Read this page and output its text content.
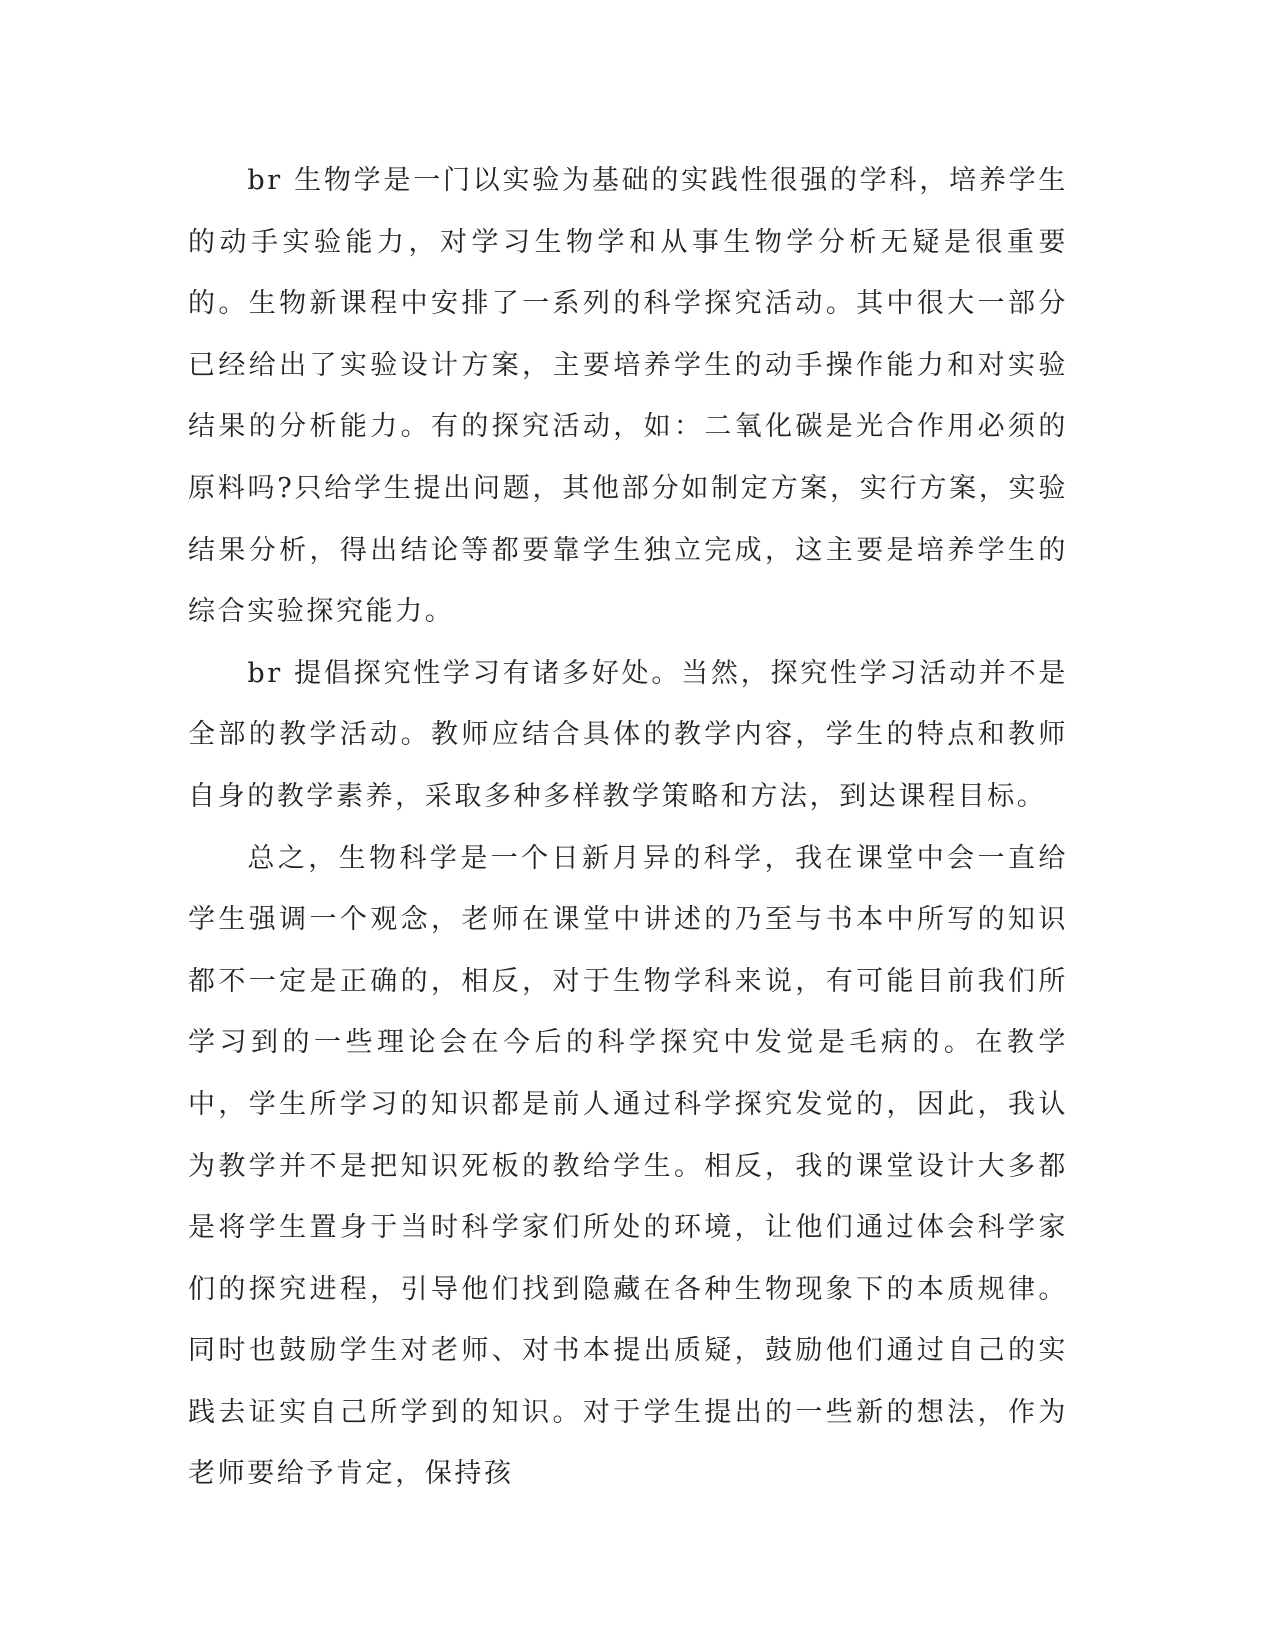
br 生物学是一门以实验为基础的实践性很强的学科，培养学生的动手实验能力，对学习生物学和从事生物学分析无疑是很重要的。生物新课程中安排了一系列的科学探究活动。其中很大一部分已经给出了实验设计方案，主要培养学生的动手操作能力和对实验结果的分析能力。有的探究活动，如：二氧化碳是光合作用必须的原料吗?只给学生提出问题，其他部分如制定方案，实行方案，实验结果分析，得出结论等都要靠学生独立完成，这主要是培养学生的综合实验探究能力。

br 提倡探究性学习有诸多好处。当然，探究性学习活动并不是全部的教学活动。教师应结合具体的教学内容，学生的特点和教师自身的教学素养，采取多种多样教学策略和方法，到达课程目标。

总之，生物科学是一个日新月异的科学，我在课堂中会一直给学生强调一个观念，老师在课堂中讲述的乃至与书本中所写的知识都不一定是正确的，相反，对于生物学科来说，有可能目前我们所学习到的一些理论会在今后的科学探究中发觉是毛病的。在教学中，学生所学习的知识都是前人通过科学探究发觉的，因此，我认为教学并不是把知识死板的教给学生。相反，我的课堂设计大多都是将学生置身于当时科学家们所处的环境，让他们通过体会科学家们的探究进程，引导他们找到隐藏在各种生物现象下的本质规律。同时也鼓励学生对老师、对书本提出质疑，鼓励他们通过自己的实践去证实自己所学到的知识。对于学生提出的一些新的想法，作为老师要给予肯定，保持孩
